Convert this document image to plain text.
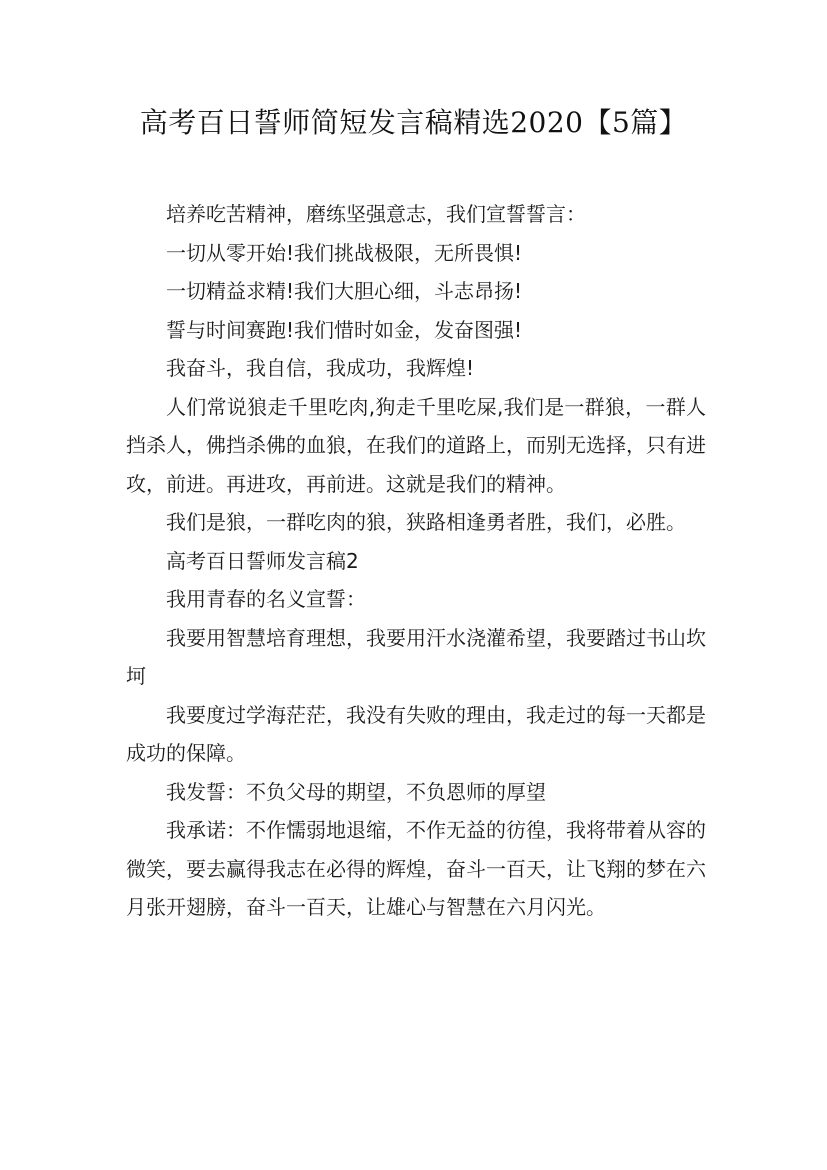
高考百日誓师简短发言稿精选2020【5篇】

培养吃苦精神，磨练坚强意志，我们宣誓誓言：

一切从零开始!我们挑战极限，无所畏惧!

一切精益求精!我们大胆心细，斗志昂扬!

誓与时间赛跑!我们惜时如金，发奋图强!

我奋斗，我自信，我成功，我辉煌!

人们常说狼走千里吃肉,狗走千里吃屎,我们是一群狼，一群人挡杀人，佛挡杀佛的血狼，在我们的道路上，而别无选择，只有进攻，前进。再进攻，再前进。这就是我们的精神。

我们是狼，一群吃肉的狼，狭路相逢勇者胜，我们，必胜。

高考百日誓师发言稿2

我用青春的名义宣誓：

我要用智慧培育理想，我要用汗水浇灌希望，我要踏过书山坎坷

我要度过学海茫茫，我没有失败的理由，我走过的每一天都是成功的保障。

我发誓：不负父母的期望，不负恩师的厚望

我承诺：不作懦弱地退缩，不作无益的彷徨，我将带着从容的微笑，要去赢得我志在必得的辉煌，奋斗一百天，让飞翔的梦在六月张开翅膀，奋斗一百天，让雄心与智慧在六月闪光。
